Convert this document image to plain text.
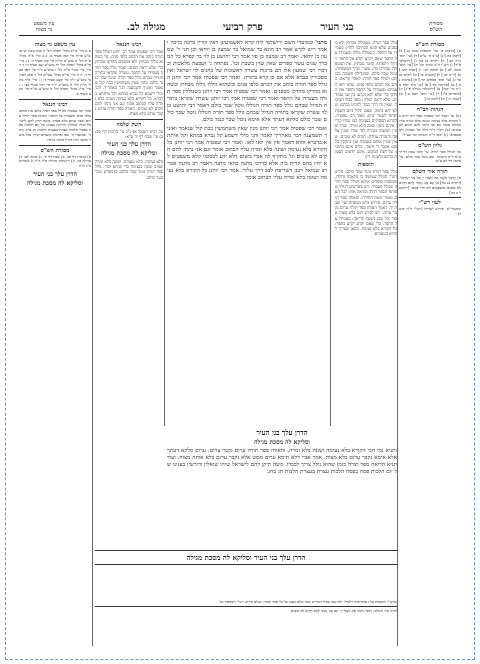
מסורת
הש"ס
בני העיר
פרק רביעי
מגילה לב.
עין משפט
נר מצוה
מסורת הש"ס
א) [ברכות ס. ועי' תוספות שבת כג.] ב) [לקמן כה.] ג) [ב"ב ח. ע"ש] ד) [עי' תוס' ב"ק קב.] ה) ויקרא כג מד ו) [ירושלמי פ"ד] ז) רש"י ד"ה מתוך וכו' ח) [עי' תוס' סוכה לט.] ט) סוטה לט: י) [שבת קטו.] כ) [ר"ה לב.] ל) [תענית כז:] מ) ויקרא כג מד נ) [עי' תוס' פסחים קד.] ס) [ברכות נה.] ע) [עירובין סד:] פ) [עי' בית יוסף או"ח סי' קמז] צ) [ירושלמי מגילה פ"ג] ק) [סופרים פ"ג] ר) [עי' תוס' יומא ע.] ש) [שבת יד.] ת) [לקמן כו:]
הגהות הב"ח
(א) גמ' ואמר רבי שפטיה אמר רבי יוחנן כל הקורא בלא נעימה ושונה בלא זמרה עליו הכתוב אומר וגם אני נתתי להם חקים לא טובים: (ב) רש"י ד"ה גולל וכו' מבחוץ ולא מבפנים: (ג) תוס' ד"ה והאוחז וכו' כצ"ל:
גליון הש"ס
גמ' הגולל ספר תורה. עי' תוס' שבת דף יד ע"א ד"ה והאוחז: שם נוטל שכר כולם. עי' סוטה דף לט ע"ב:
תורה אור השלם
א) וַיְדַבֵּר מֹשֶׁה אֶת מֹעֲדֵי יְיָ אֶל בְּנֵי יִשְׂרָאֵל: [ויקרא כג מד] ב) וְגַם אֲנִי נָתַתִּי לָהֶם חֻקִּים לֹא טוֹבִים וּמִשְׁפָּטִים לֹא יִחְיוּ בָּהֶם: [יחזקאל כ כה]
לעזי רש"י
קוסטור"א. פירוש תפירה (רש"י ד"ה קושר):
גולל ספר תורה. כשגוללו מבחוץ ולא מבפנים שלא תהא הכתיבה לחוץ: מעמידו על התפר. כשגוללו גוללו ומעמידו על התפר שאם יקרע יקרע על התפר ויחזור ויתפרנו: קושר מבחוץ. את המטפחת שכורכו בה: עוטר. כורך המטפחת: נוטל שכר כולם. שהגלילה חשובה מכולם: הגולל ספר תורה. לאחר קריאה: כותב את הכתב כלפי פנים. שלא יראו העמים: ומעמידו על התפר ותופר את החתך כדי שלא יהא נקרע: בין שני עמודים. שלא יראה הגליון: מפני כבוד הציבור. שאין זה דרך כבוד להביט בכתב: שלא יהא נראה. שאם יגלול ביום השבת יפתח לשאר ימים: ואמר רבי שפטיה. לקרוא הפסוקים בנעימה כמו שהיו קורין אותם בזמן: שונה בלא זמרה. שהיו שונין המשנה בזמרה לפי שהיו שונין על פה והזמרה עוזרת: חקים לא טובים. שאין שונין אותם בנעימה ואין נחקקין בלבם: אכבר ד' חשבי. כלום אינם כתובין: על דעת המקום. אינם יודעים לעשות כדינם ולשנות דין:
תוספות
גולל ספר תורה נוטל שכר כולם. פירש רש"י הגולל שעושה בו מלאכה גדולה, ובמסכת סופרים איתא הגולל ספר תורה שגולל מעמיד. ויש מפרשים דגולל שפותח הספר תורה ומראה אותו לכל העם ואומר וזאת התורה: והאוחז ספר תורה ערום. פירוש בלא מטפחת ועי' שבת יד. דאמר האוחז ספר תורה ערום נקבר ערום. ויש לפרש דגם בלא מצוה אסור וכל שכן בשעת קריאה: מעמידו על התפר. כדי שאם יקרע יקרע בתפר: כל הקורא בלא נעימה. מכאן שצריך לקרוא בטעמים:
מתני' ובמועדי השם ירושלמי ליה קרא לאשמועינן דאין קורין ברכה ברכה ואמר ריש לקיש אמר רב הונא בר שמואל בר שמעון בן יוחאי וכן תני ר' שמעון בן יוחאי. ואמר רב שמעון בן פזי אמר רבי יהושע בן לוי בר קפרא כל המברך שנים עשר ספרים שאין שוין בשבת וכו'. נפתחה ג' ושבעה מלאכות וכדברי רבי שמעון אלו הם ברכות עשרה ראשונות של כהנים לוי ישראל ואין מפטירין בנביא אלא אם כן קרא בתורה. ואמר רבי שפטיה אמר רבי יוחנן הגולל ספר תורה כותב את הכתב כלפי פנים וכשהוא גוללו גוללו מבחוץ וכשהוא מהדקו מהדקו מבפנים. ואמר רבי שפטיה אמר רבי יוחנן כשגוללין ספר תורה מעמידו על התפר ואמר רבי שפטיה אמר רבי יוחנן עשרה שקראו בתורה הגדול שבהם גולל ספר תורה הגוללו נוטל שכר כולם דאמר רבי יהושע בן לוי עשרה שקראו בתורה הגדול שבהם גולל ספר תורה הגוללו נוטל שכר כולם שכר כולם סלקא דעתך אלא אימא נוטל שכר כנגד כולם.
ואמר רבי שפטיה אמר רבי יוחנן מנין שאין משתמשין בבת קול שנאמר ואזניך תשמענה דבר מאחריך לאמר והני מילי דשמע קל גברא במתא וקל איתתא בדברא והוא דאמר אין אין לאו לאו. ואמר רבי שפטיה אמר רבי יוחנן כל הקורא בלא נעימה ושונה בלא זמרה עליו הכתוב אומר וגם אני נתתי להם חקים לא טובים וגו' מתקיף לה אביי משום דלא ידע לבסומי קלא משפטים לא יחיו בהם קרית ביה אלא כדרבי מתנה בהאי מתנה דאמר רב מתנה אמר רב שמואל רבנן דשריפת לבב דרך עליך: אמר רבי יוחנן כל הקורא בלא נעימה ושונה בלא זמרה עליו הכתוב אומר
הדרן עלך בני העיר
וסליקא לה מסכת מגילה
ותניא נמי הכי הקורא בלא נעימה ושונה בלא זמרה. והאוחז ספר תורה ערום נקבר ערום. ערום סלקא דעתך אלא אימא נקבר ערום בלא מצות. אמר אביי דלא תימא ערום ממש אלא נקבר ערום בלא אותה מצוה. ועוד תניא הרואה ספר תורה בזמן שהוא גולל צריך לכבדו. משה תיקן להם לישראל שיהו שואלין ודורשין בענינו של יום הלכות פסח בפסח הלכות עצרת בעצרת הלכות חג בחג:
רבינו חננאל
אמר רבי שפטיה אמר רבי יוחנן הגולל ספר תורה כותב את הכתב כלפי פנים. פי' כשהוא גוללו מבחוץ ולא מבפנים מהדקו מבחוץ כדי שלא יראה הכתב. ואמר גולל ספר תורה מעמידו על התפר. עשרה שקראו בתורה הגדול שבהם גולל ספר תורה ונוטל שכר כנגד כולם. ומנין שאין משתמשין בבת קול שנאמר ואזניך תשמענה דבר מאחריך. והני מילי דשמע קל גברא במתא וקל איתתא בדברא. כל הקורא בלא נעימה ושונה בלא זמרה עליו הכתוב אומר וגם אני נתתי להם חקים לא טובים. האוחז ספר תורה ערום נקבר ערום בלא מצות.
חשק שלמה
על רבינו חננאל א) נ"ב עי' ברכות דף סב: ב) עי' שבת דף יד ע"א:
הדרן עלך בני העיר
וסליקא לה מסכת מגילה
בלא נעימה. בלא טעמים. ושונה בלא זמרה שאינו שונה בנעימה כדי שיהא זכור. גולל ספר תורה נוטל שכר כולם. כדמפרש שכר כנגד כולם.
עין משפט נר מצוה
א א מיי' פי"ב מהל' תפלה הל' ה סמג עשין יט טוש"ע או"ח סי' קמז סעיף א: ב ב מיי' פ"ה מהל' ס"ת הל' ח טוש"ע או"ח סי' קמז סעיף ד: ג ג מיי' פי"ב מהל' תפלה הל' יח טוש"ע שם סעיף ח: ד ד מיי' פ"י מהל' ס"ת הל' ו טוש"ע יו"ד סי' רפב סעיף ד: ה ה מיי' פי"א מהל' עכו"ם הל' ד סמג לאוין נד טוש"ע יו"ד סי' קעט סעיף ד: ו ו מיי' פ"ד מהל' ת"ת הל' ח טוש"ע יו"ד סי' רמו סעיף כב: ז ז מיי' פי"ג מהל' תפלה הל' ח טוש"ע או"ח סי' תכט סעיף א:
רבינו חננאל
אמר רבי שפטיה הגולל ספר תורה כותב את הכתב כלפי פנים ומעמידו על התפר. האוחז ספר תורה ערום נקבר ערום בלא מצות. משה תיקן להם לישראל שיהו שואלין ודורשין בענינו של יום הלכות פסח בפסח הלכות עצרת בעצרת הלכות חג בחג. מתני' ובמועדי ה' שם ופרשת מועדים קורין בכל מועד ומועד ואין קורין ברכה ברכה.
מסורת הש"ס
א) ברכות דף סב. ב) שבת דף יד. ג) סוטה לט: ד) מגילה כה. ה) ירושלמי מגילה פ"ד ה"ה ו) סופרים פ"ג ה"ה
הדרן עלך בני העיר
וסליקא לה מסכת מגילה
הדרן עלך בני העיר וסליקא לה מסכת מגילה
ופרש"י ותוספות עליו בסוף פרק דלעיל: ולא שמו בבית המדרש שכר כולם מצוה על כל אחד ואחד: נשלם פירוש רש"י ותוספות וכו'.
תורה אור השלם: וַיְדַבֵּר מֹשֶׁה אֶת מֹעֲדֵי יְיָ: וְגַם אֲנִי נָתַתִּי לָהֶם חֻקִּים לֹא טוֹבִים:
